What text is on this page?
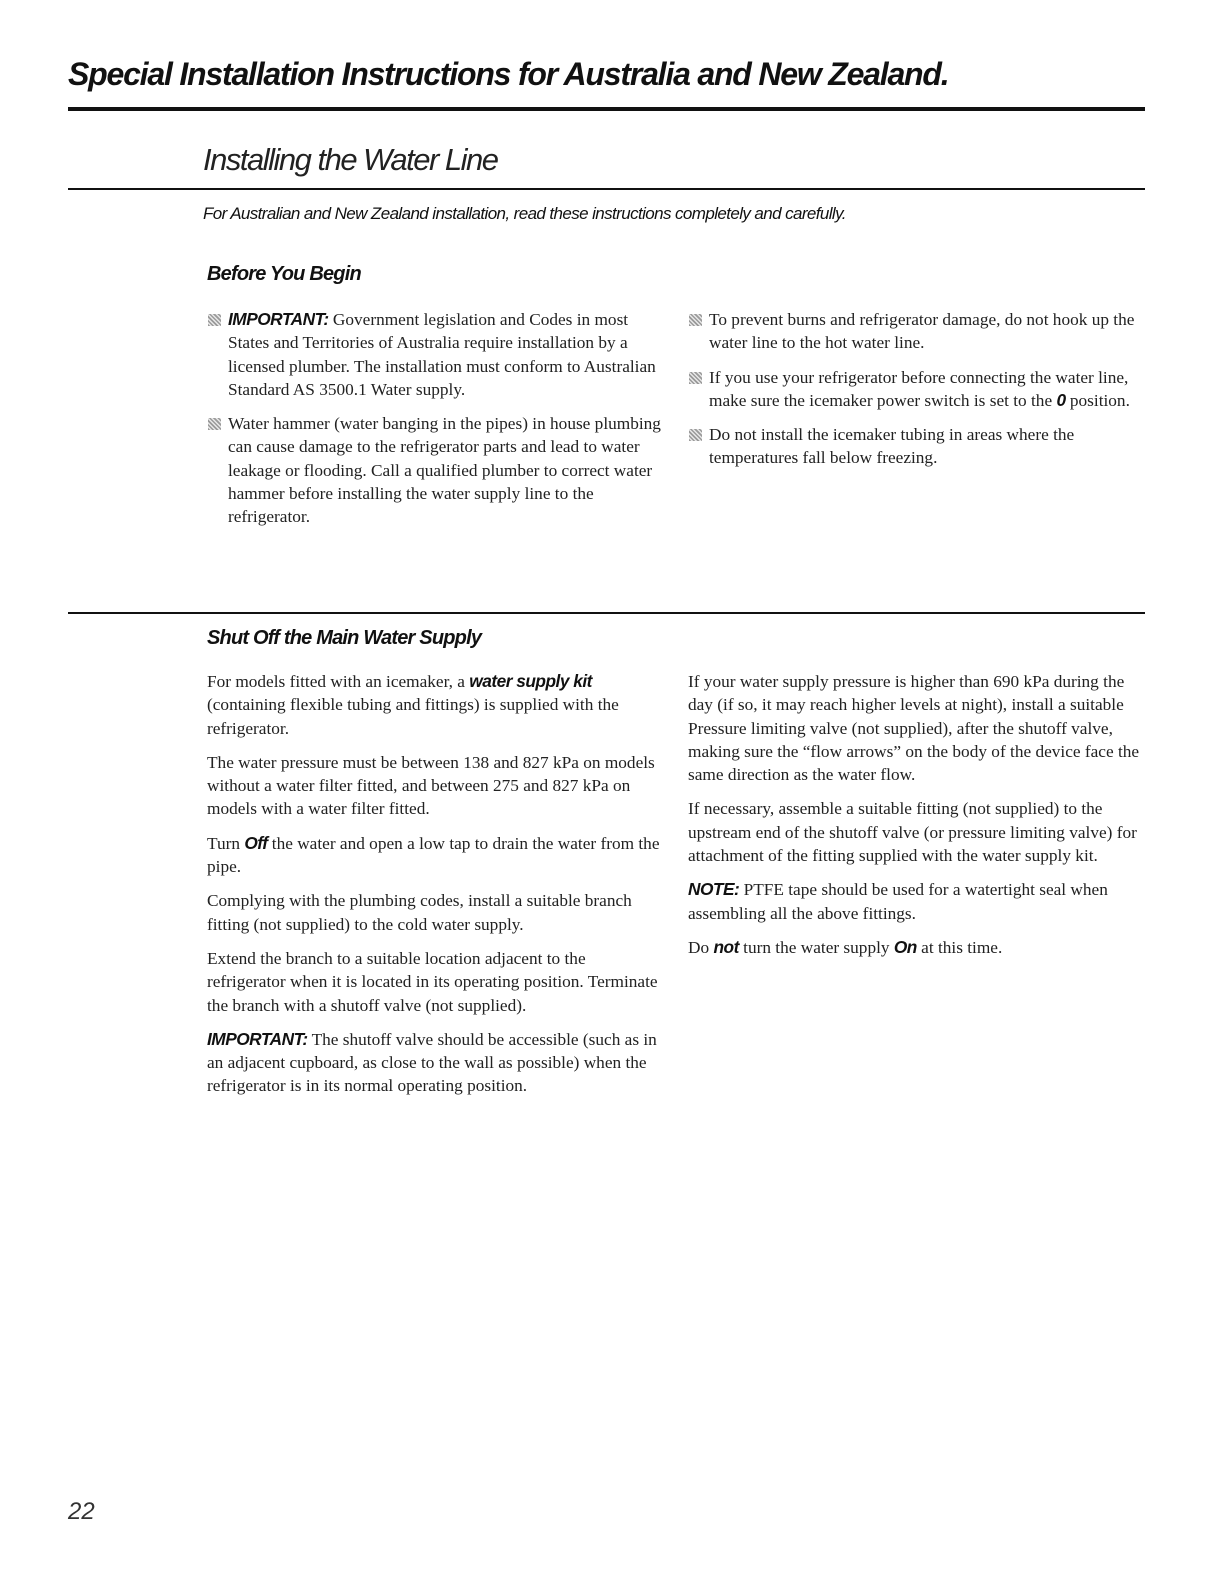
Special Installation Instructions for Australia and New Zealand.
Installing the Water Line

For Australian and New Zealand installation, read these instructions completely and carefully.

Before You Begin

IMPORTANT: Government legislation and Codes in most States and Territories of Australia require installation by a licensed plumber. The installation must conform to Australian Standard AS 3500.1 Water supply.

Water hammer (water banging in the pipes) in house plumbing can cause damage to the refrigerator parts and lead to water leakage or flooding. Call a qualified plumber to correct water hammer before installing the water supply line to the refrigerator.

To prevent burns and refrigerator damage, do not hook up the water line to the hot water line.

If you use your refrigerator before connecting the water line, make sure the icemaker power switch is set to the 0 position.

Do not install the icemaker tubing in areas where the temperatures fall below freezing.

Shut Off the Main Water Supply

For models fitted with an icemaker, a water supply kit (containing flexible tubing and fittings) is supplied with the refrigerator.

The water pressure must be between 138 and 827 kPa on models without a water filter fitted, and between 275 and 827 kPa on models with a water filter fitted.

Turn Off the water and open a low tap to drain the water from the pipe.

Complying with the plumbing codes, install a suitable branch fitting (not supplied) to the cold water supply.

Extend the branch to a suitable location adjacent to the refrigerator when it is located in its operating position. Terminate the branch with a shutoff valve (not supplied).

IMPORTANT: The shutoff valve should be accessible (such as in an adjacent cupboard, as close to the wall as possible) when the refrigerator is in its normal operating position.

If your water supply pressure is higher than 690 kPa during the day (if so, it may reach higher levels at night), install a suitable Pressure limiting valve (not supplied), after the shutoff valve, making sure the “flow arrows” on the body of the device face the same direction as the water flow.

If necessary, assemble a suitable fitting (not supplied) to the upstream end of the shutoff valve (or pressure limiting valve) for attachment of the fitting supplied with the water supply kit.

NOTE: PTFE tape should be used for a watertight seal when assembling all the above fittings.

Do not turn the water supply On at this time.

22
